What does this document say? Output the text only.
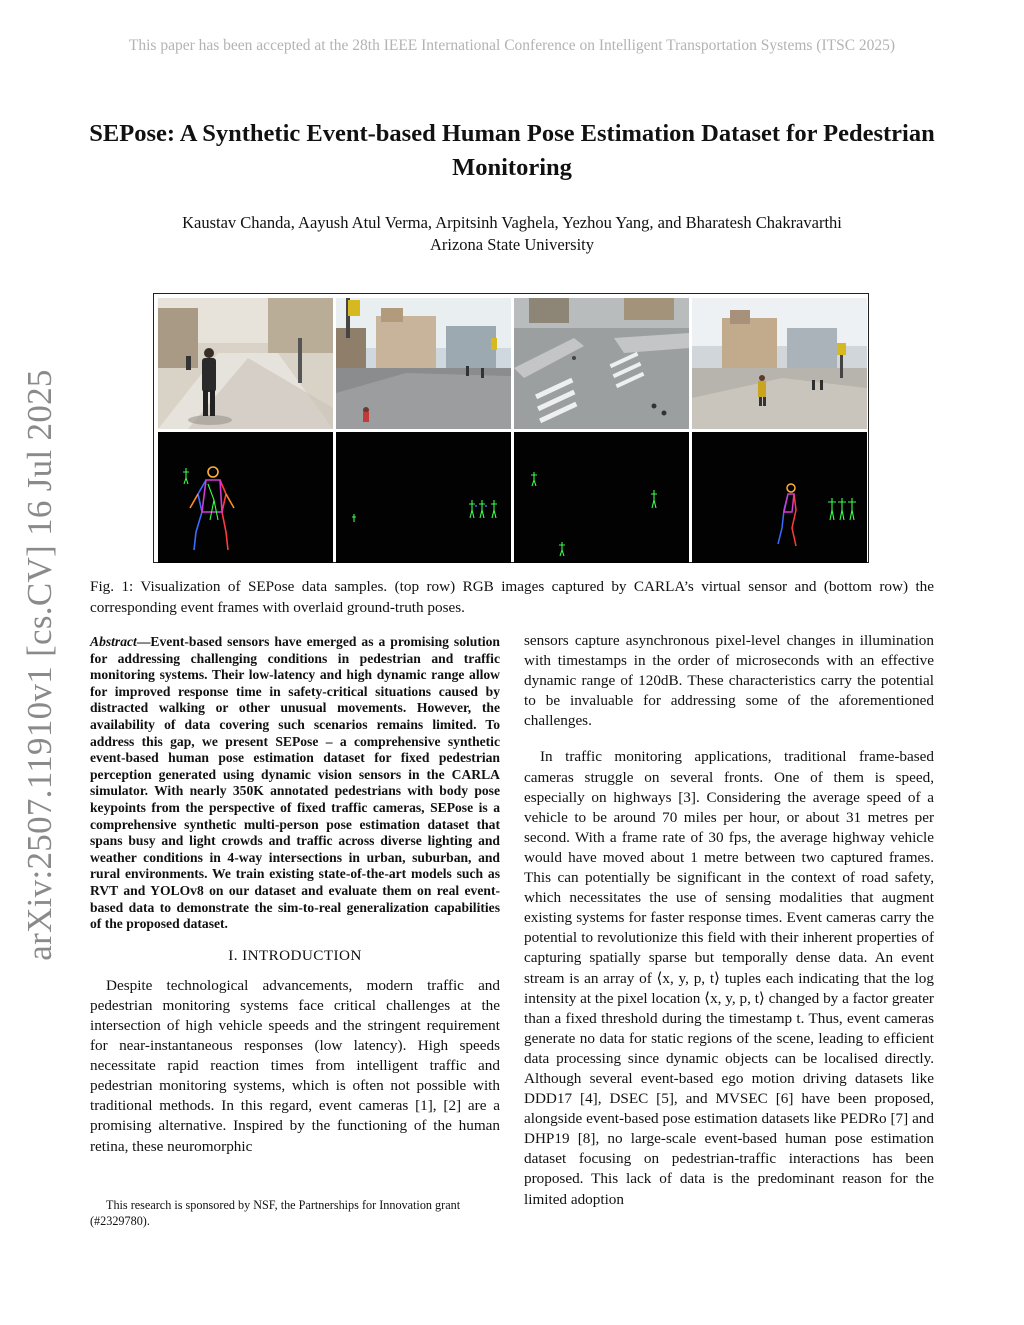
This paper has been accepted at the 28th IEEE International Conference on Intelligent Transportation Systems (ITSC 2025)
arXiv:2507.11910v1 [cs.CV] 16 Jul 2025
SEPose: A Synthetic Event-based Human Pose Estimation Dataset for Pedestrian Monitoring
Kaustav Chanda, Aayush Atul Verma, Arpitsinh Vaghela, Yezhou Yang, and Bharatesh Chakravarthi
Arizona State University
Fig. 1: Visualization of SEPose data samples. (top row) RGB images captured by CARLA’s virtual sensor and (bottom row) the corresponding event frames with overlaid ground-truth poses.

Abstract—Event-based sensors have emerged as a promising solution for addressing challenging conditions in pedestrian and traffic monitoring systems. Their low-latency and high dynamic range allow for improved response time in safety-critical situations caused by distracted walking or other unusual movements. However, the availability of data covering such scenarios remains limited. To address this gap, we present SEPose – a comprehensive synthetic event-based human pose estimation dataset for fixed pedestrian perception generated using dynamic vision sensors in the CARLA simulator. With nearly 350K annotated pedestrians with body pose keypoints from the perspective of fixed traffic cameras, SEPose is a comprehensive synthetic multi-person pose estimation dataset that spans busy and light crowds and traffic across diverse lighting and weather conditions in 4-way intersections in urban, suburban, and rural environments. We train existing state-of-the-art models such as RVT and YOLOv8 on our dataset and evaluate them on real event-based data to demonstrate the sim-to-real generalization capabilities of the proposed dataset.

I. INTRODUCTION

Despite technological advancements, modern traffic and pedestrian monitoring systems face critical challenges at the intersection of high vehicle speeds and the stringent requirement for near-instantaneous responses (low latency). High speeds necessitate rapid reaction times from intelligent traffic and pedestrian monitoring systems, which is often not possible with traditional methods. In this regard, event cameras [1], [2] are a promising alternative. Inspired by the functioning of the human retina, these neuromorphic

This research is sponsored by NSF, the Partnerships for Innovation grant (#2329780).

sensors capture asynchronous pixel-level changes in illumination with timestamps in the order of microseconds with an effective dynamic range of 120dB. These characteristics carry the potential to be invaluable for addressing some of the aforementioned challenges.

In traffic monitoring applications, traditional frame-based cameras struggle on several fronts. One of them is speed, especially on highways [3]. Considering the average speed of a vehicle to be around 70 miles per hour, or about 31 metres per second. With a frame rate of 30 fps, the average highway vehicle would have moved about 1 metre between two captured frames. This can potentially be significant in the context of road safety, which necessitates the use of sensing modalities that augment existing systems for faster response times. Event cameras carry the potential to revolutionize this field with their inherent properties of capturing spatially sparse but temporally dense data. An event stream is an array of ⟨x, y, p, t⟩ tuples each indicating that the log intensity at the pixel location ⟨x, y, p, t⟩ changed by a factor greater than a fixed threshold during the timestamp t. Thus, event cameras generate no data for static regions of the scene, leading to efficient data processing since dynamic objects can be localised directly. Although several event-based ego motion driving datasets like DDD17 [4], DSEC [5], and MVSEC [6] have been proposed, alongside event-based pose estimation datasets like PEDRo [7] and DHP19 [8], no large-scale event-based human pose estimation dataset focusing on pedestrian-traffic interactions has been proposed. This lack of data is the predominant reason for the limited adoption
